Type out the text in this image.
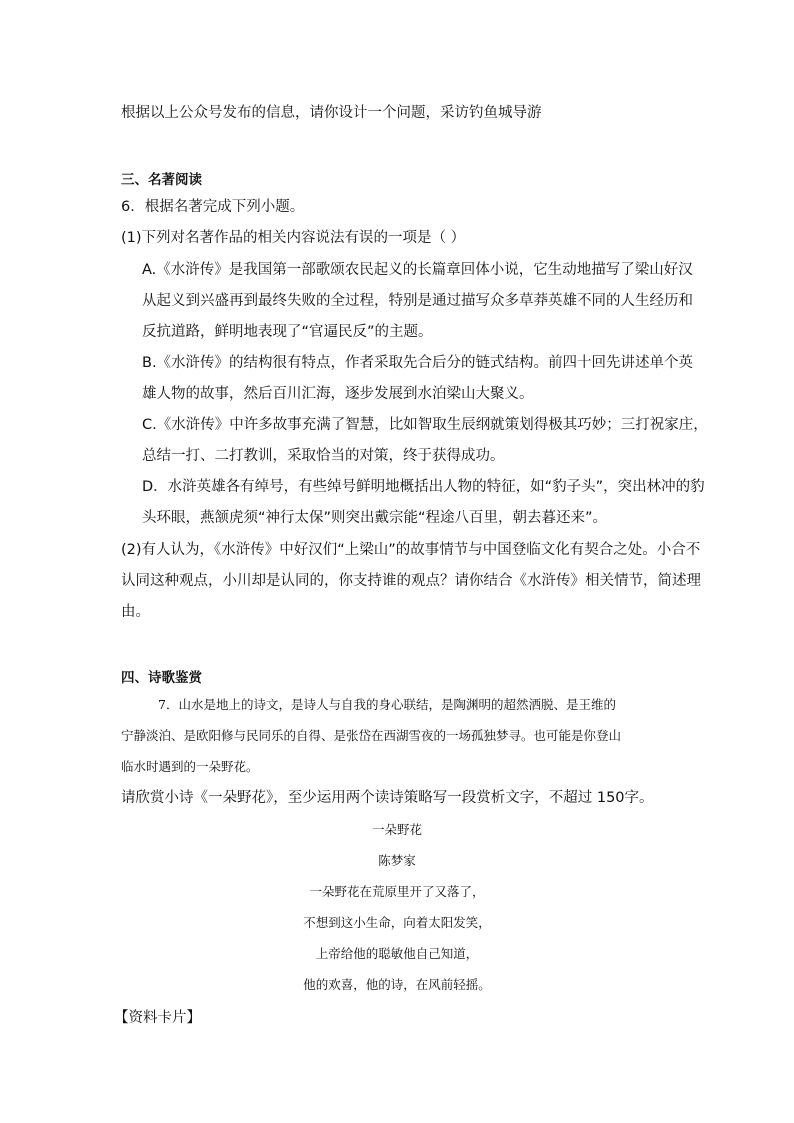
根据以上公众号发布的信息，请你设计一个问题，采访钓鱼城导游
三、名著阅读
6．根据名著完成下列小题。
(1)下列对名著作品的相关内容说法有误的一项是（ ）
A.《水浒传》是我国第一部歌颂农民起义的长篇章回体小说，它生动地描写了梁山好汉
从起义到兴盛再到最终失败的全过程，特别是通过描写众多草莽英雄不同的人生经历和
反抗道路，鲜明地表现了“官逼民反”的主题。
B.《水浒传》的结构很有特点，作者采取先合后分的链式结构。前四十回先讲述单个英
雄人物的故事，然后百川汇海，逐步发展到水泊梁山大聚义。
C.《水浒传》中许多故事充满了智慧，比如智取生辰纲就策划得极其巧妙；三打祝家庄，
总结一打、二打教训，采取恰当的对策，终于获得成功。
D．水浒英雄各有绰号，有些绰号鲜明地概括出人物的特征，如“豹子头”，突出林冲的豹
头环眼，燕颔虎须“神行太保”则突出戴宗能“程途八百里，朝去暮还来”。
(2)有人认为，《水浒传》中好汉们“上梁山”的故事情节与中国登临文化有契合之处。小合不
认同这种观点，小川却是认同的，你支持谁的观点？请你结合《水浒传》相关情节，简述理
由。
四、诗歌鉴赏
7．山水是地上的诗文，是诗人与自我的身心联结，是陶渊明的超然洒脱、是王维的
宁静淡泊、是欧阳修与民同乐的自得、是张岱在西湖雪夜的一场孤独梦寻。也可能是你登山
临水时遇到的一朵野花。
请欣赏小诗《一朵野花》，至少运用两个读诗策略写一段赏析文字，不超过 150字。
一朵野花
陈梦家
一朵野花在荒原里开了又落了，
不想到这小生命，向着太阳发笑，
上帝给他的聪敏他自己知道，
他的欢喜，他的诗，在风前轻摇。
【资料卡片】
